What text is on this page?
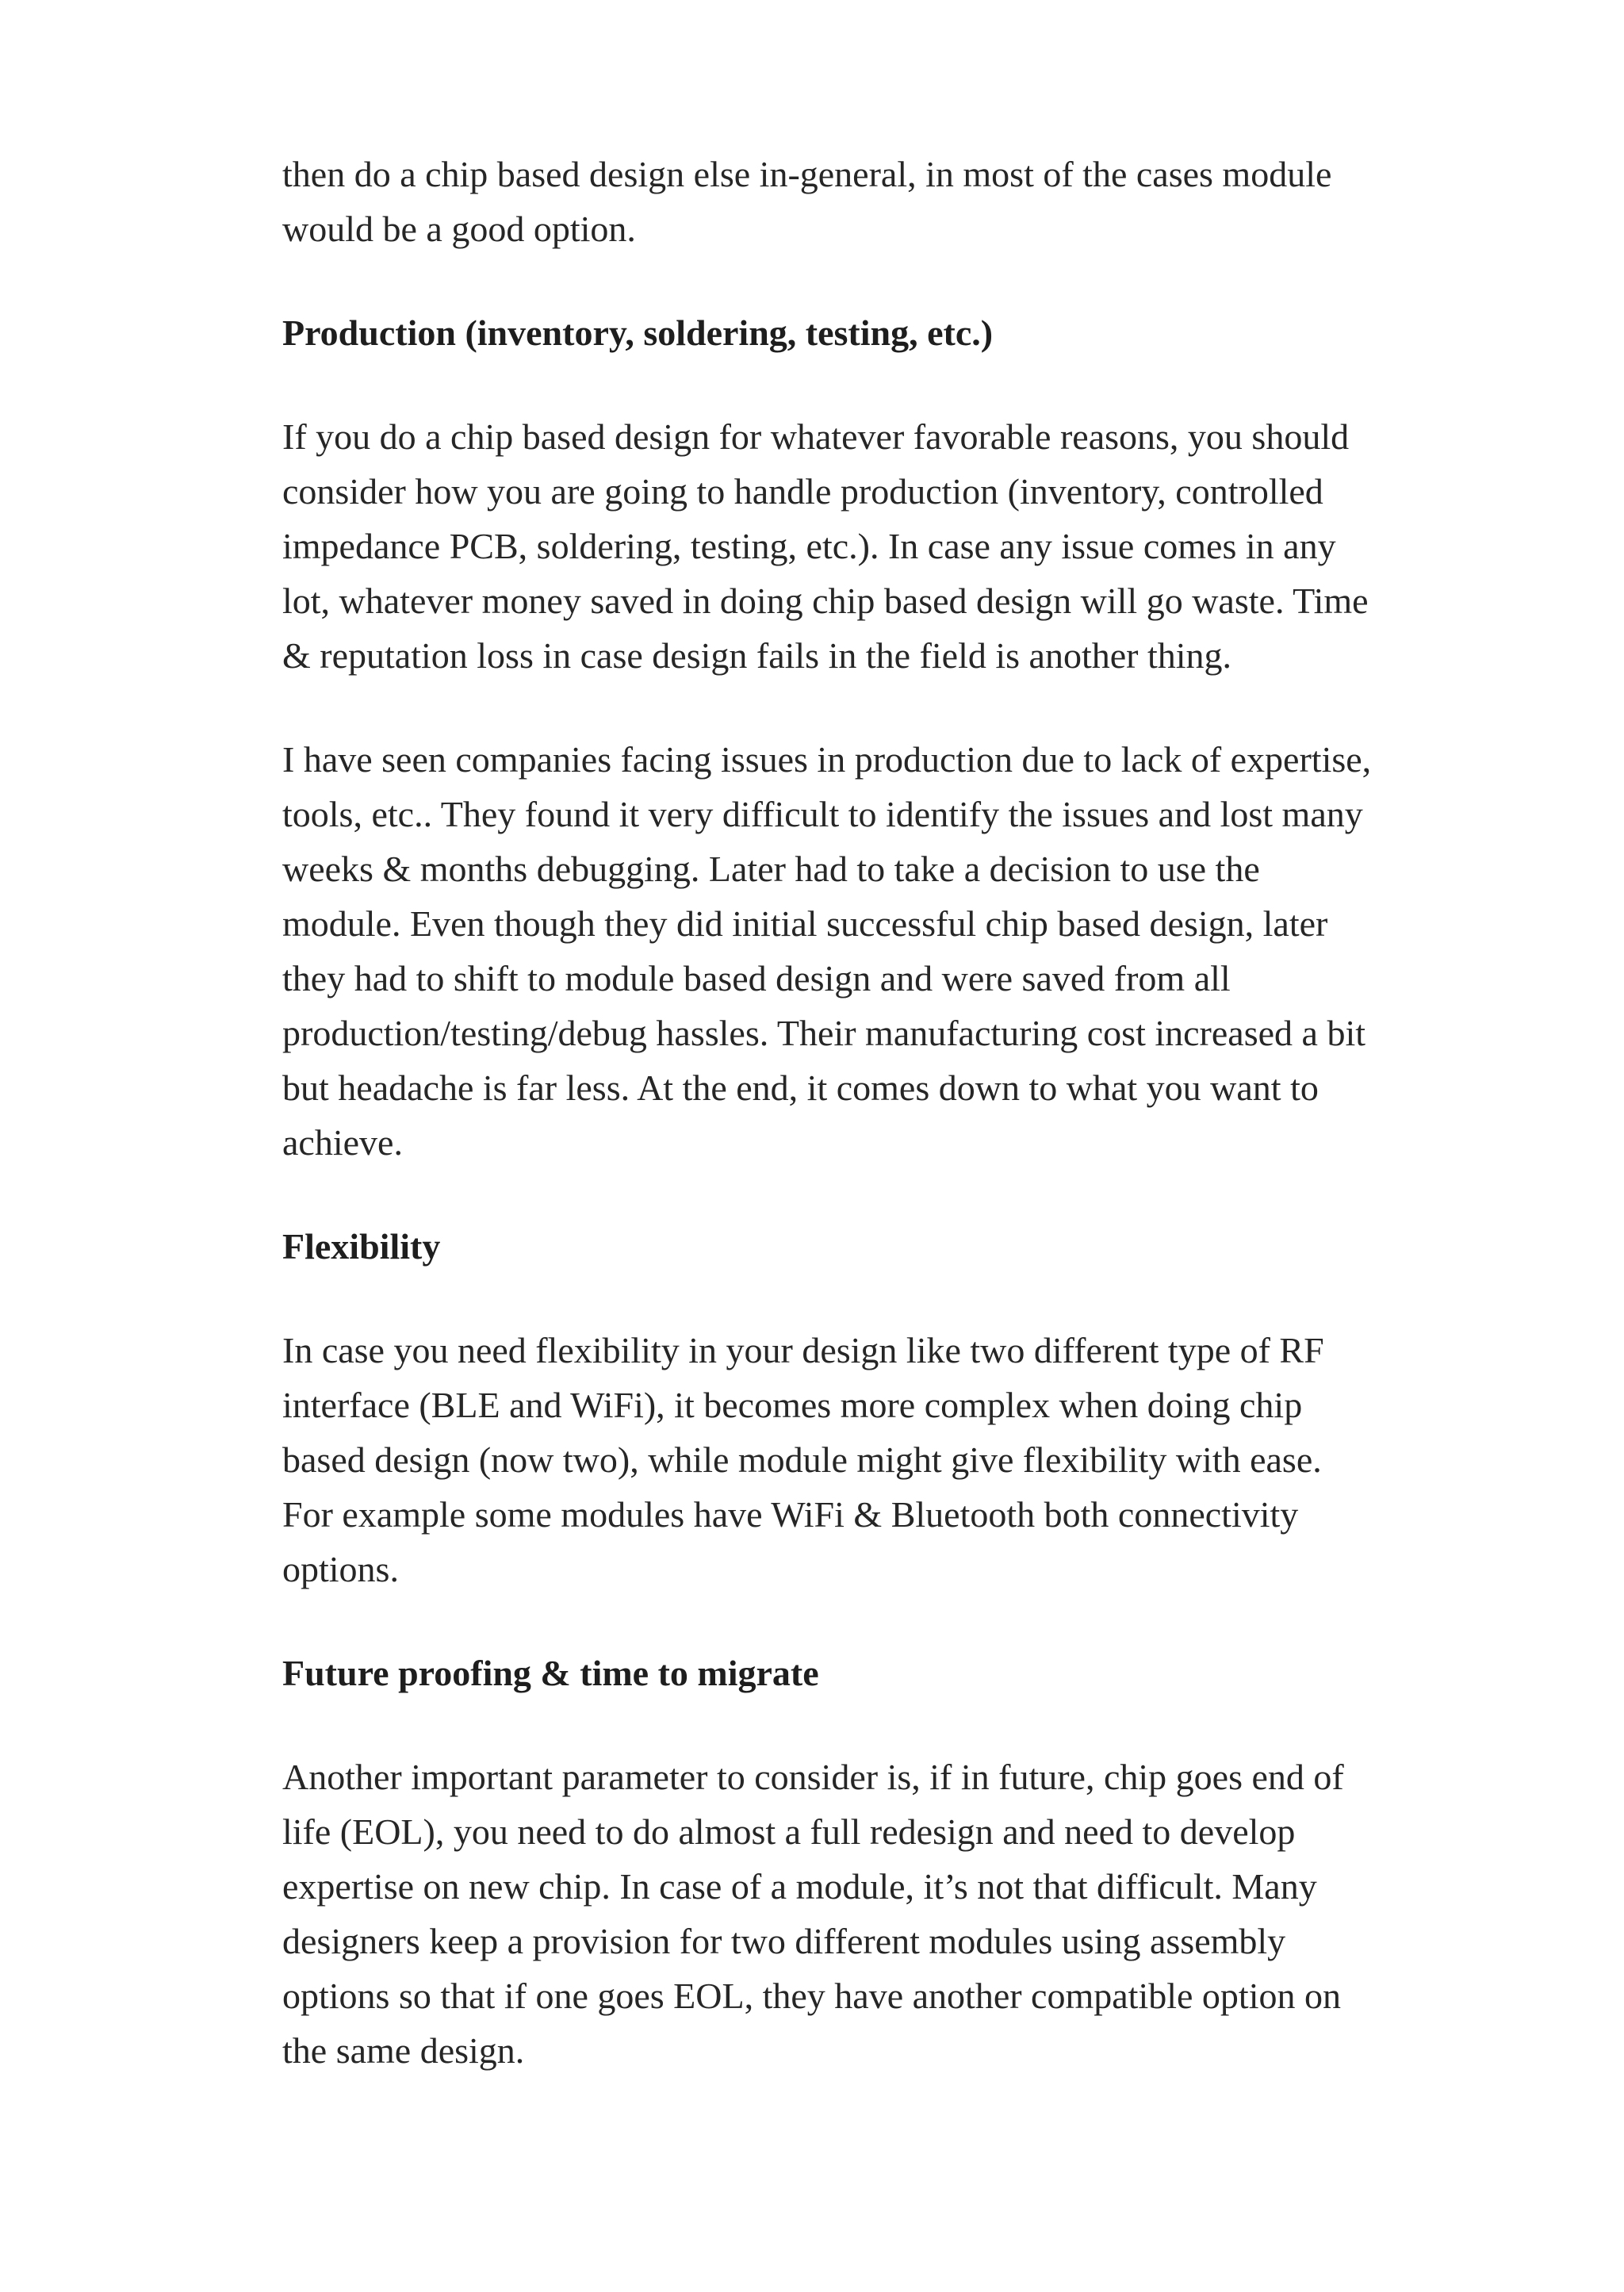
then do a chip based design else in-general, in most of the cases module would be a good option.

Production (inventory, soldering, testing, etc.)

If you do a chip based design for whatever favorable reasons, you should consider how you are going to handle production (inventory, controlled impedance PCB, soldering, testing, etc.). In case any issue comes in any lot, whatever money saved in doing chip based design will go waste. Time & reputation loss in case design fails in the field is another thing.

I have seen companies facing issues in production due to lack of expertise, tools, etc.. They found it very difficult to identify the issues and lost many weeks & months debugging. Later had to take a decision to use the module. Even though they did initial successful chip based design, later they had to shift to module based design and were saved from all production/testing/debug hassles. Their manufacturing cost increased a bit but headache is far less. At the end, it comes down to what you want to achieve.

Flexibility

In case you need flexibility in your design like two different type of RF interface (BLE and WiFi), it becomes more complex when doing chip based design (now two), while module might give flexibility with ease. For example some modules have WiFi & Bluetooth both connectivity options.

Future proofing & time to migrate

Another important parameter to consider is, if in future, chip goes end of life (EOL), you need to do almost a full redesign and need to develop expertise on new chip. In case of a module, it’s not that difficult. Many designers keep a provision for two different modules using assembly options so that if one goes EOL, they have another compatible option on the same design.
